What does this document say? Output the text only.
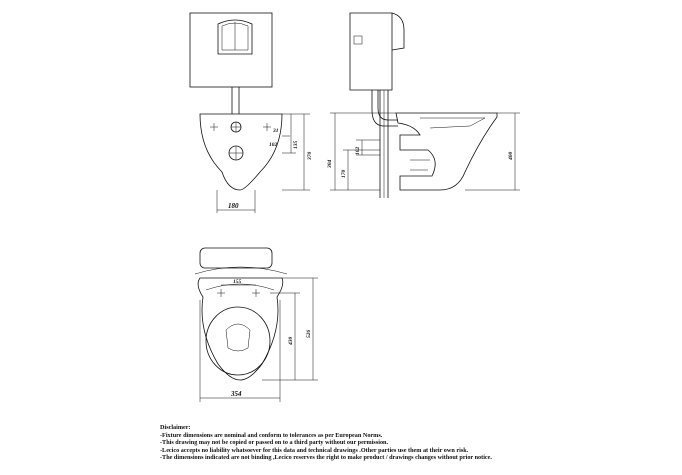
180
31
102	135
370
304
170
102
400
155
430
526
354
Disclaimer:
-Fixture dimensions are nominal and conform to tolerances as per European Norms.
-This drawing may not be copied or passed on to a third party without our permission.
-Lecico accepts no liability whatsoever for this data and technical drawings .Other parties use them at their own risk.
-The dimensions indicated are not binding ,Lecico reserves the right to make product / drawings changes without prior notice.
